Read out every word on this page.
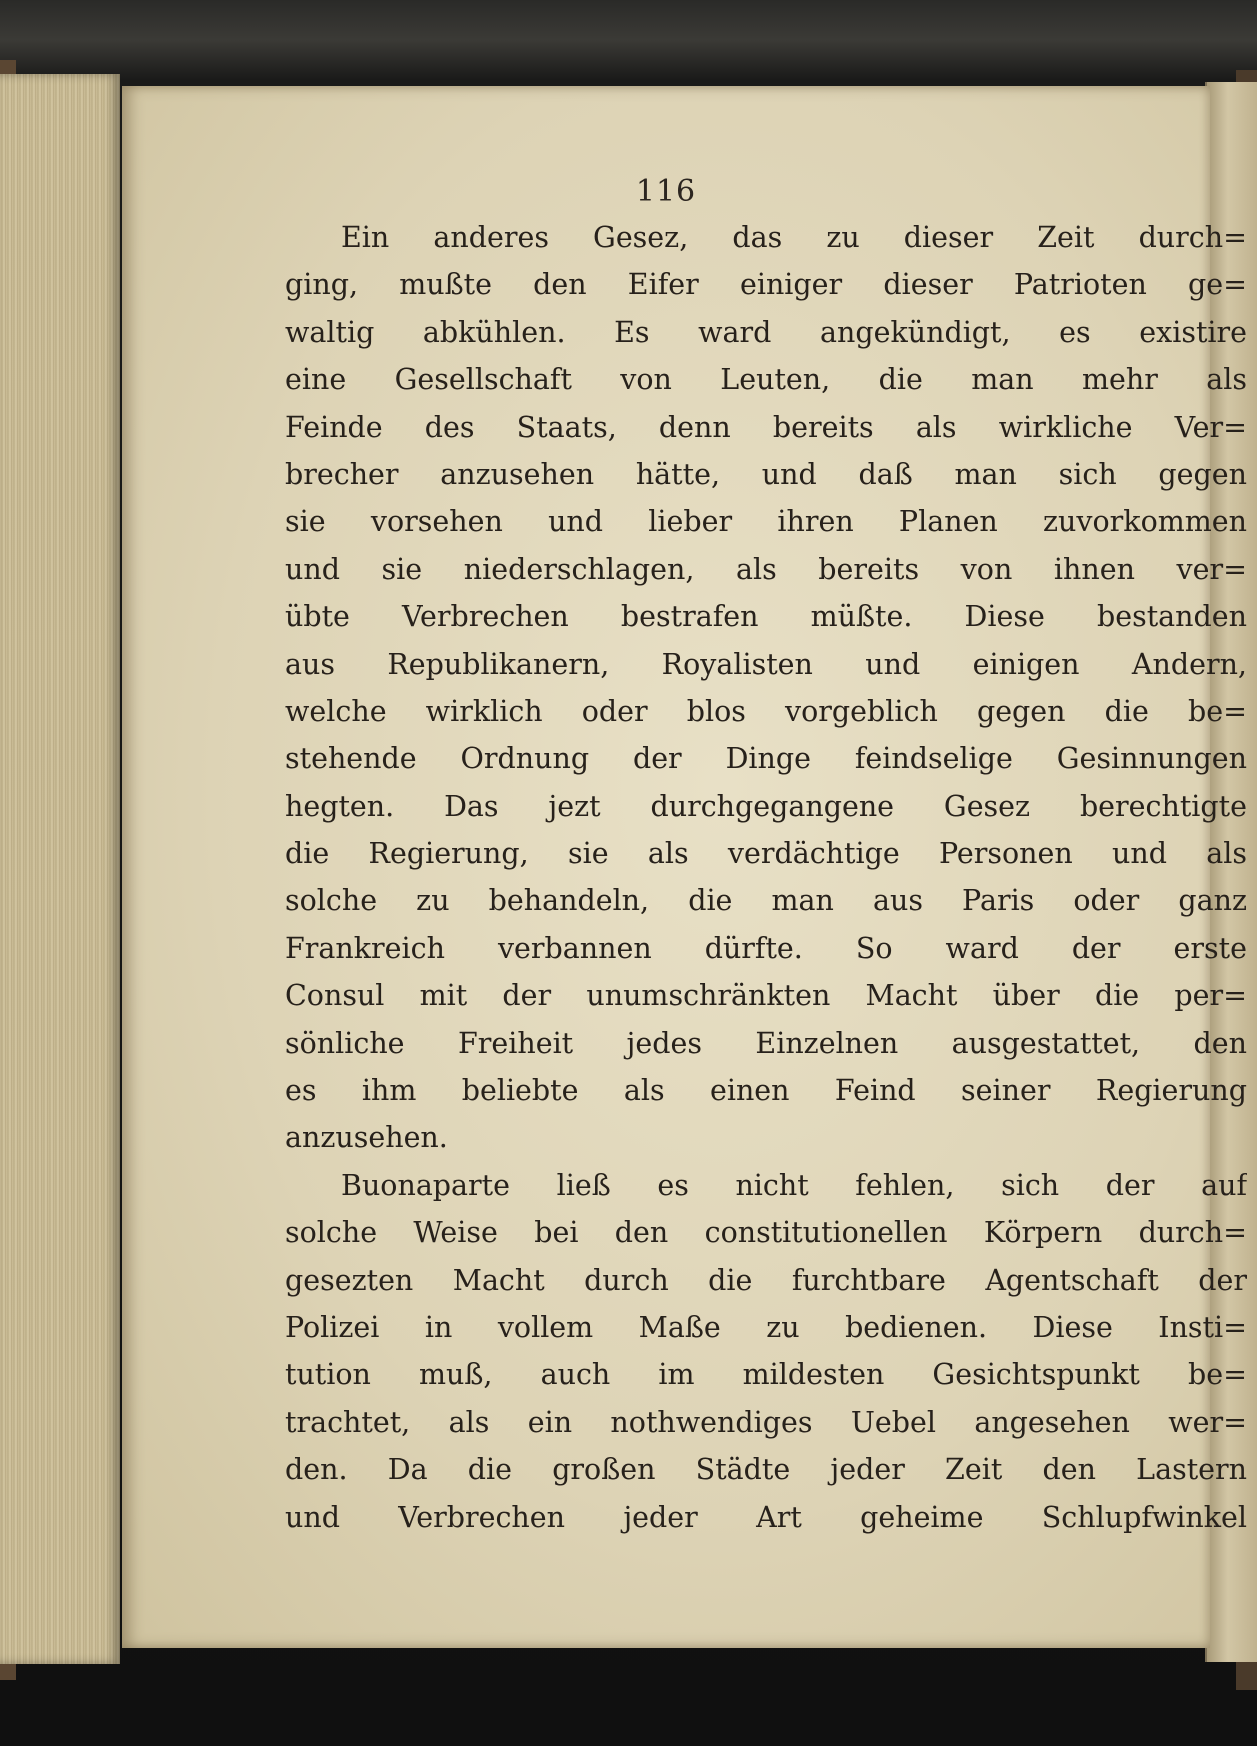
116
Ein anderes Gesez, das zu dieser Zeit durch=
ging, mußte den Eifer einiger dieser Patrioten ge=
waltig abkühlen. Es ward angekündigt, es existire
eine Gesellschaft von Leuten, die man mehr als
Feinde des Staats, denn bereits als wirkliche Ver=
brecher anzusehen hätte, und daß man sich gegen
sie vorsehen und lieber ihren Planen zuvorkommen
und sie niederschlagen, als bereits von ihnen ver=
übte Verbrechen bestrafen müßte. Diese bestanden
aus Republikanern, Royalisten und einigen Andern,
welche wirklich oder blos vorgeblich gegen die be=
stehende Ordnung der Dinge feindselige Gesinnungen
hegten. Das jezt durchgegangene Gesez berechtigte
die Regierung, sie als verdächtige Personen und als
solche zu behandeln, die man aus Paris oder ganz
Frankreich verbannen dürfte. So ward der erste
Consul mit der unumschränkten Macht über die per=
sönliche Freiheit jedes Einzelnen ausgestattet, den
es ihm beliebte als einen Feind seiner Regierung
anzusehen.
Buonaparte ließ es nicht fehlen, sich der auf
solche Weise bei den constitutionellen Körpern durch=
gesezten Macht durch die furchtbare Agentschaft der
Polizei in vollem Maße zu bedienen. Diese Insti=
tution muß, auch im mildesten Gesichtspunkt be=
trachtet, als ein nothwendiges Uebel angesehen wer=
den. Da die großen Städte jeder Zeit den Lastern
und Verbrechen jeder Art geheime Schlupfwinkel
